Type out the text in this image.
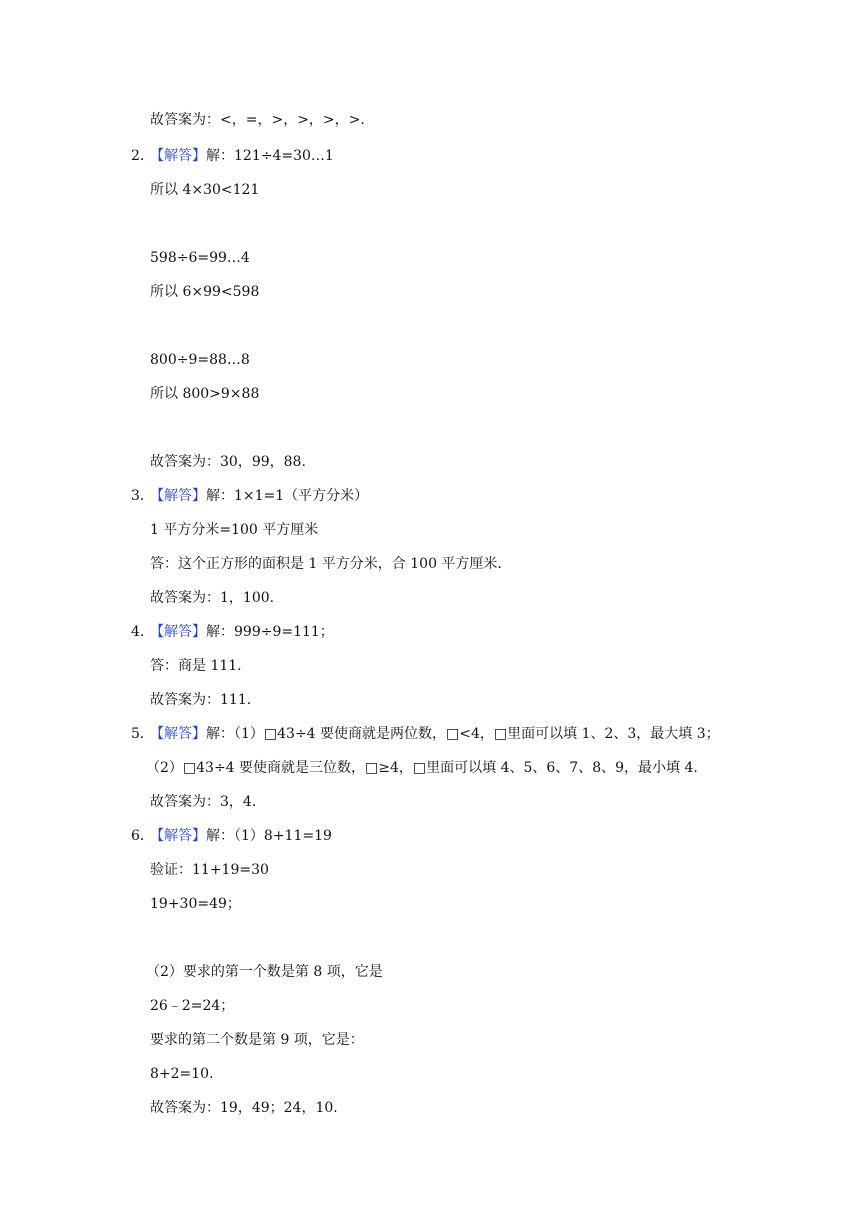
故答案为：<，=，>，>，>，>.
2．
【解答】解：121÷4=30…1
所以 4×30<121
598÷6=99…4
所以 6×99<598
800÷9=88…8
所以 800>9×88
故答案为：30，99，88.
3．
【解答】解：1×1=1（平方分米）
1 平方分米=100 平方厘米
答：这个正方形的面积是 1 平方分米，合 100 平方厘米.
故答案为：1，100.
4．
【解答】解：999÷9=111；
答：商是 111.
故答案为：111.
5．
【解答】解：（1）□43÷4 要使商就是两位数，□<4，□里面可以填 1、2、3，最大填 3；
（2）□43÷4 要使商就是三位数，□≥4，□里面可以填 4、5、6、7、8、9，最小填 4.
故答案为：3，4.
6．
【解答】解：（1）8+11=19
验证：11+19=30
19+30=49；
（2）要求的第一个数是第 8 项，它是
26﹣2=24；
要求的第二个数是第 9 项，它是：
8+2=10.
故答案为：19，49；24，10.
